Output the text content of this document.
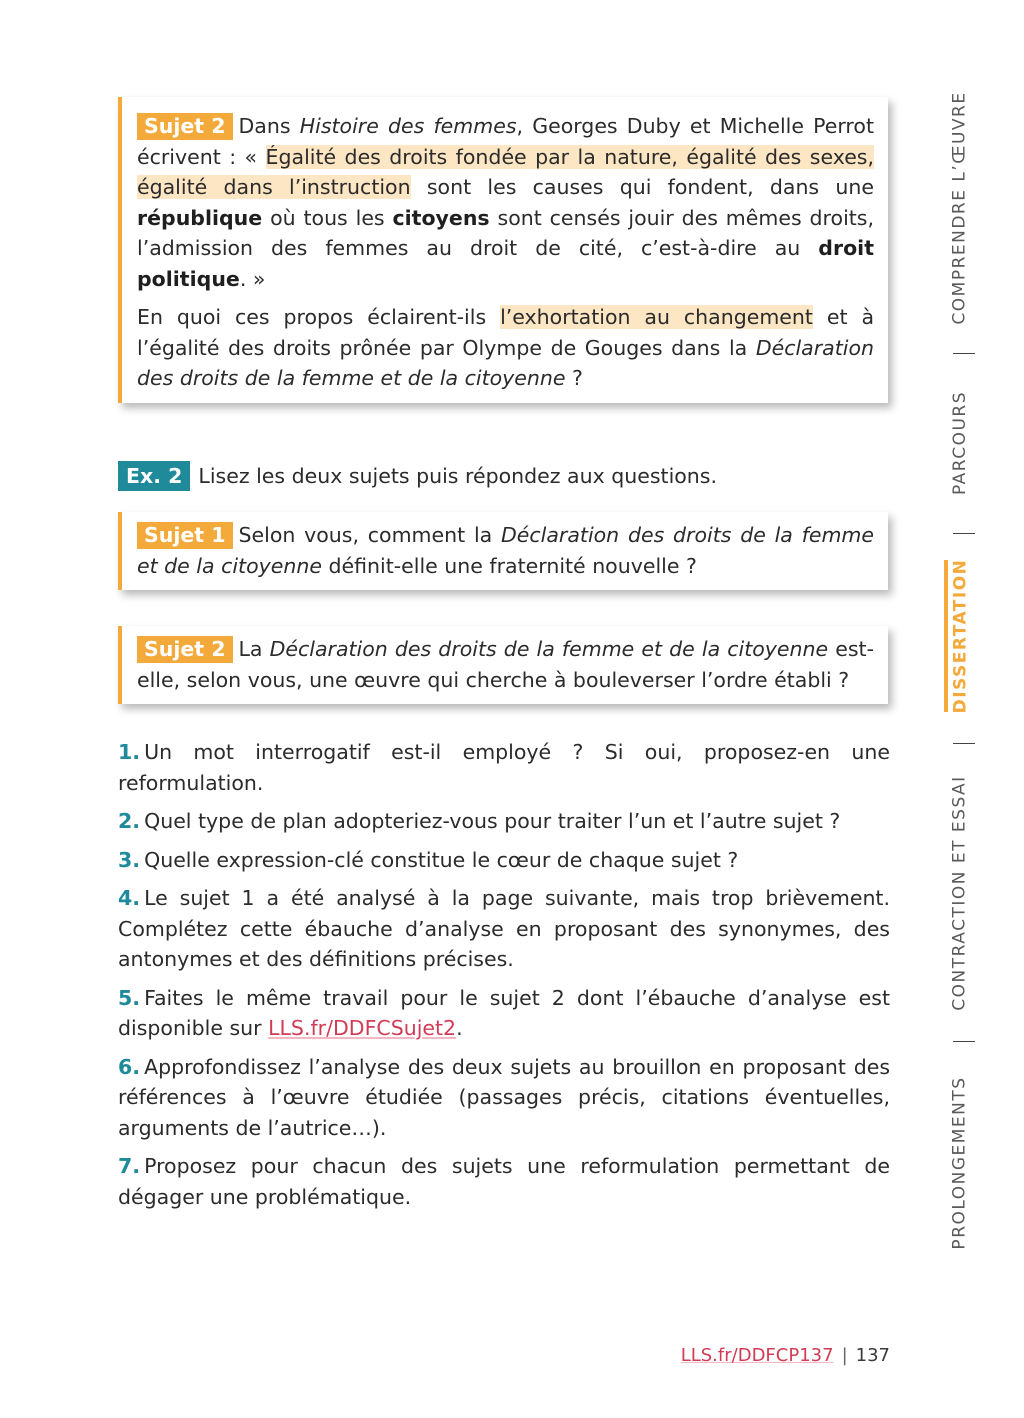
Sujet 2 Dans Histoire des femmes, Georges Duby et Michelle Perrot écrivent : « Égalité des droits fondée par la nature, égalité des sexes, égalité dans l’instruction sont les causes qui fondent, dans une république où tous les citoyens sont censés jouir des mêmes droits, l’admission des femmes au droit de cité, c’est-à-dire au droit politique. »

En quoi ces propos éclairent-ils l’exhortation au changement et à l’égalité des droits prônée par Olympe de Gouges dans la Déclaration des droits de la femme et de la citoyenne ?

Ex. 2 Lisez les deux sujets puis répondez aux questions.

Sujet 1 Selon vous, comment la Déclaration des droits de la femme et de la citoyenne définit-elle une fraternité nouvelle ?

Sujet 2 La Déclaration des droits de la femme et de la citoyenne est-elle, selon vous, une œuvre qui cherche à bouleverser l’ordre établi ?

1. Un mot interrogatif est-il employé ? Si oui, proposez-en une reformulation.

2. Quel type de plan adopteriez-vous pour traiter l’un et l’autre sujet ?

3. Quelle expression-clé constitue le cœur de chaque sujet ?

4. Le sujet 1 a été analysé à la page suivante, mais trop brièvement. Complétez cette ébauche d’analyse en proposant des synonymes, des antonymes et des définitions précises.

5. Faites le même travail pour le sujet 2 dont l’ébauche d’analyse est disponible sur LLS.fr/DDFCSujet2.

6. Approfondissez l’analyse des deux sujets au brouillon en proposant des références à l’œuvre étudiée (passages précis, citations éventuelles, arguments de l’autrice…).

7. Proposez pour chacun des sujets une reformulation permettant de dégager une problématique.

COMPRENDRE L’ŒUVRE
PARCOURS
DISSERTATION
CONTRACTION ET ESSAI
PROLONGEMENTS
LLS.fr/DDFCP137 | 137
